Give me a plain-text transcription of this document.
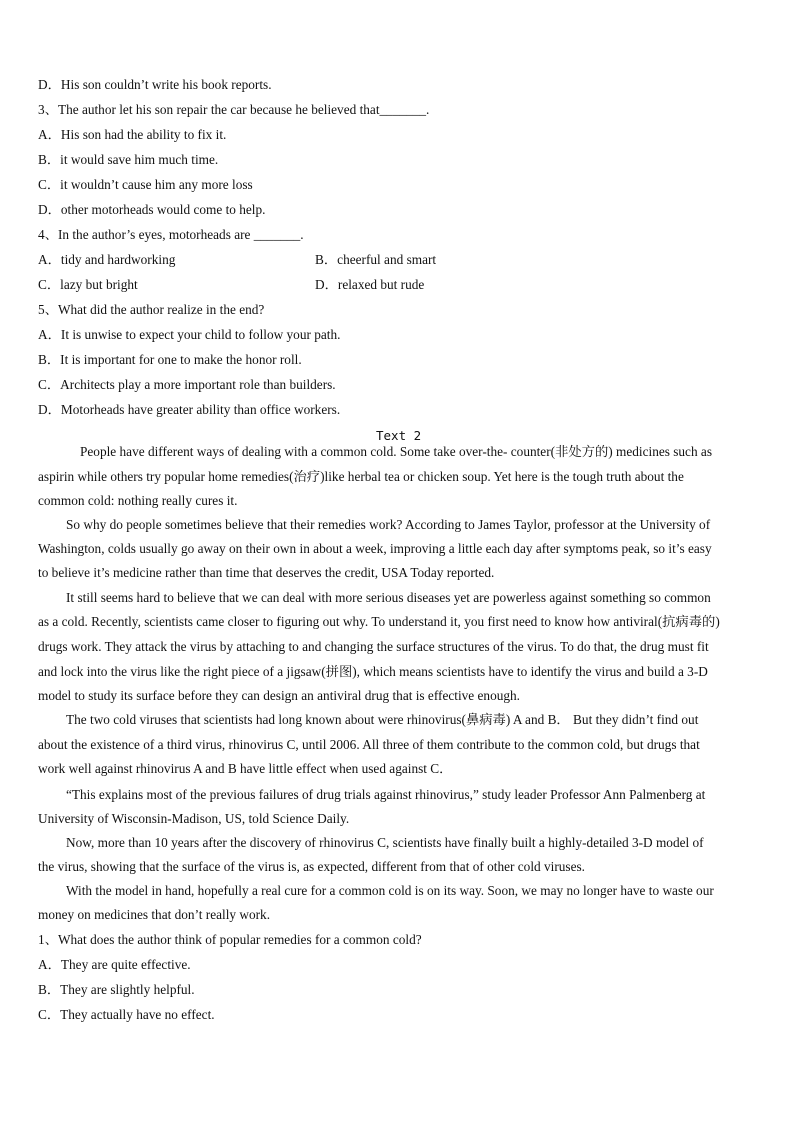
D．His son couldn’t write his book reports.
3、The author let his son repair the car because he believed that_______.
A．His son had the ability to fix it.
B．it would save him much time.
C．it wouldn’t cause him any more loss
D．other motorheads would come to help.
4、In the author’s eyes, motorheads are _______.
A．tidy and hardworking	B．cheerful and smart
C．lazy but bright	D．relaxed but rude
5、What did the author realize in the end?
A．It is unwise to expect your child to follow your path.
B．It is important for one to make the honor roll.
C．Architects play a more important role than builders.
D．Motorheads have greater ability than office workers.
Text 2
People have different ways of dealing with a common cold. Some take over-the- counter(非处方的) medicines such as
aspirin while others try popular home remedies(治疗)like herbal tea or chicken soup. Yet here is the tough truth about the
common cold: nothing really cures it.
So why do people sometimes believe that their remedies work? According to James Taylor, professor at the University of
Washington, colds usually go away on their own in about a week, improving a little each day after symptoms peak, so it’s easy
to believe it’s medicine rather than time that deserves the credit, USA Today reported.
It still seems hard to believe that we can deal with more serious diseases yet are powerless against something so common
as a cold. Recently, scientists came closer to figuring out why. To understand it, you first need to know how antiviral(抗病毒的)
drugs work. They attack the virus by attaching to and changing the surface structures of the virus. To do that, the drug must fit
and lock into the virus like the right piece of a jigsaw(拼图), which means scientists have to identify the virus and build a 3-D
model to study its surface before they can design an antiviral drug that is effective enough.
The two cold viruses that scientists had long known about were rhinovirus(鼻病毒) A and B． But they didn’t find out
about the existence of a third virus, rhinovirus C, until 2006. All three of them contribute to the common cold, but drugs that
work well against rhinovirus A and B have little effect when used against C．
“This explains most of the previous failures of drug trials against rhinovirus,” study leader Professor Ann Palmenberg at
University of Wisconsin-Madison, US, told Science Daily.
Now, more than 10 years after the discovery of rhinovirus C, scientists have finally built a highly-detailed 3-D model of
the virus, showing that the surface of the virus is, as expected, different from that of other cold viruses.
With the model in hand, hopefully a real cure for a common cold is on its way. Soon, we may no longer have to waste our
money on medicines that don’t really work.
1、What does the author think of popular remedies for a common cold?
A．They are quite effective.
B．They are slightly helpful.
C．They actually have no effect.
